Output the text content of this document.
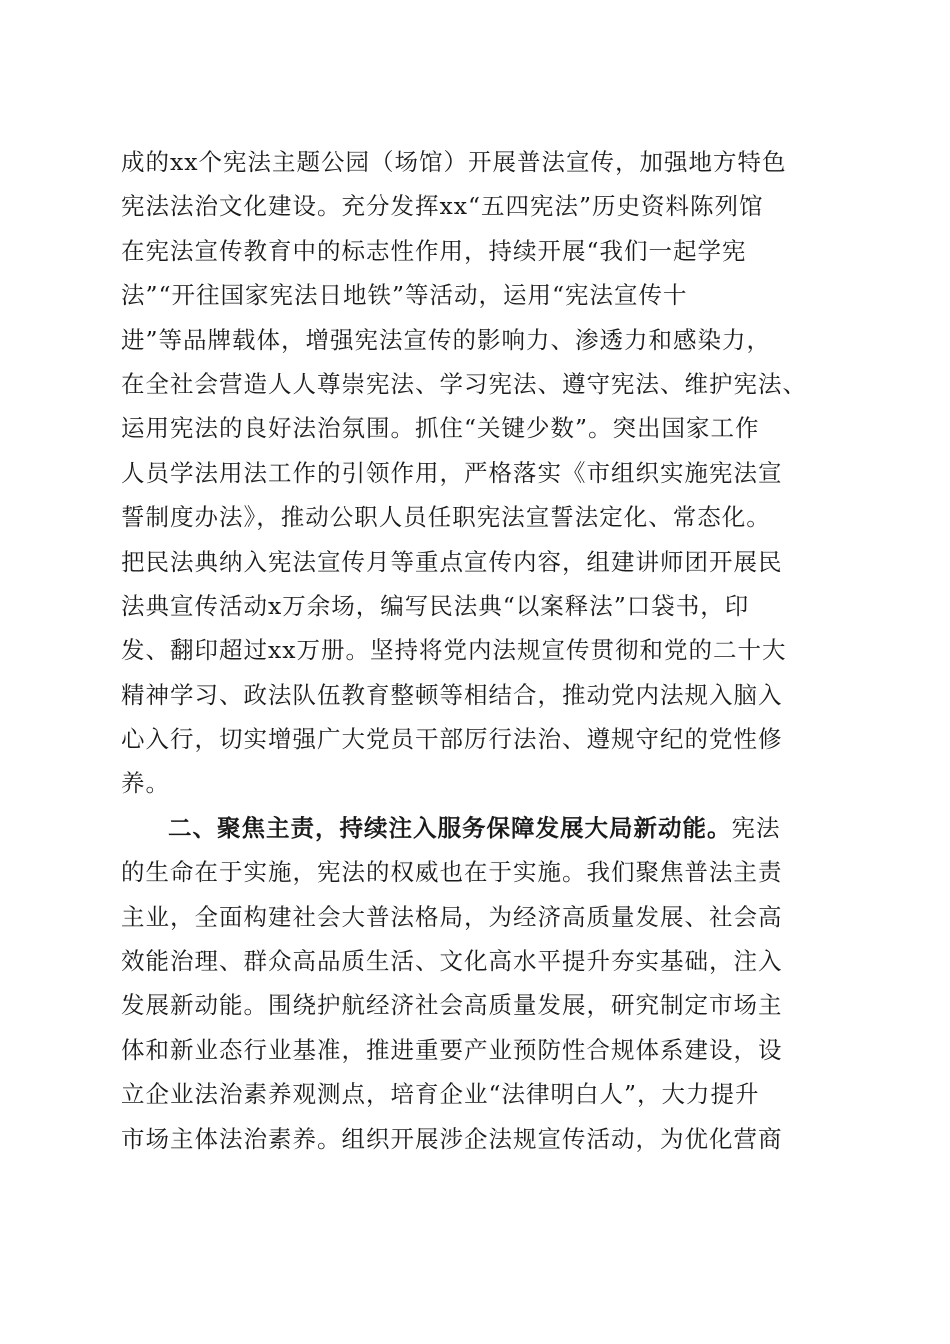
成的xx个宪法主题公园（场馆）开展普法宣传，加强地方特色
宪法法治文化建设。充分发挥xx“五四宪法”历史资料陈列馆
在宪法宣传教育中的标志性作用，持续开展“我们一起学宪
法”“开往国家宪法日地铁”等活动，运用“宪法宣传十
进”等品牌载体，增强宪法宣传的影响力、渗透力和感染力，
在全社会营造人人尊崇宪法、学习宪法、遵守宪法、维护宪法、
运用宪法的良好法治氛围。抓住“关键少数”。突出国家工作
人员学法用法工作的引领作用，严格落实《市组织实施宪法宣
誓制度办法》，推动公职人员任职宪法宣誓法定化、常态化。
把民法典纳入宪法宣传月等重点宣传内容，组建讲师团开展民
法典宣传活动x万余场，编写民法典“以案释法”口袋书，印
发、翻印超过xx万册。坚持将党内法规宣传贯彻和党的二十大
精神学习、政法队伍教育整顿等相结合，推动党内法规入脑入
心入行，切实增强广大党员干部厉行法治、遵规守纪的党性修
养。
二、聚焦主责，持续注入服务保障发展大局新动能。宪法
的生命在于实施，宪法的权威也在于实施。我们聚焦普法主责
主业，全面构建社会大普法格局，为经济高质量发展、社会高
效能治理、群众高品质生活、文化高水平提升夯实基础，注入
发展新动能。围绕护航经济社会高质量发展，研究制定市场主
体和新业态行业基准，推进重要产业预防性合规体系建设，设
立企业法治素养观测点，培育企业“法律明白人”，大力提升
市场主体法治素养。组织开展涉企法规宣传活动，为优化营商
